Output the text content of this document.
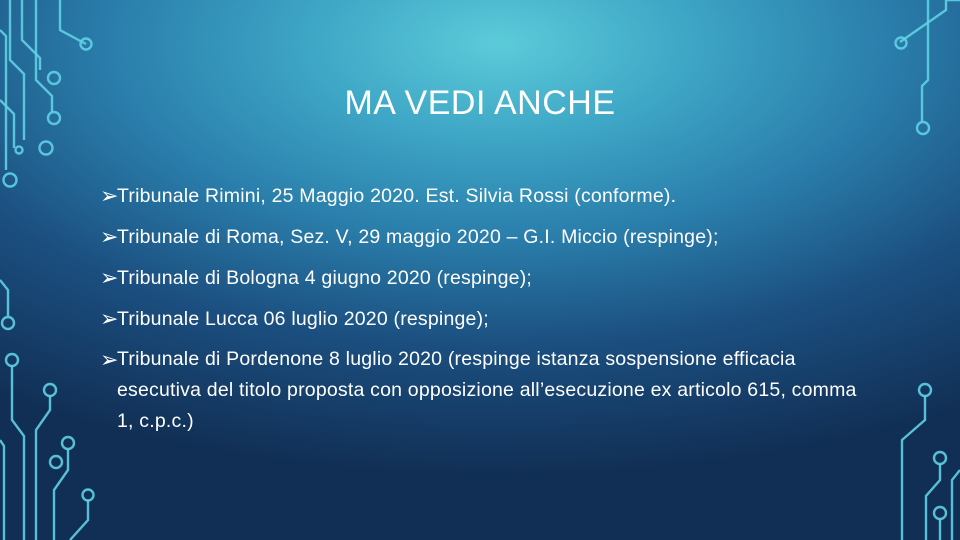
MA VEDI ANCHE
➢
Tribunale Rimini, 25 Maggio 2020. Est. Silvia Rossi (conforme).
➢
Tribunale di Roma, Sez. V, 29 maggio 2020 – G.I. Miccio (respinge);
➢
Tribunale di Bologna 4 giugno 2020 (respinge);
➢
Tribunale Lucca 06 luglio 2020 (respinge);
➢
Tribunale di Pordenone 8 luglio 2020 (respinge istanza sospensione efficacia esecutiva del titolo proposta con opposizione all’esecuzione ex articolo 615, comma 1, c.p.c.)
